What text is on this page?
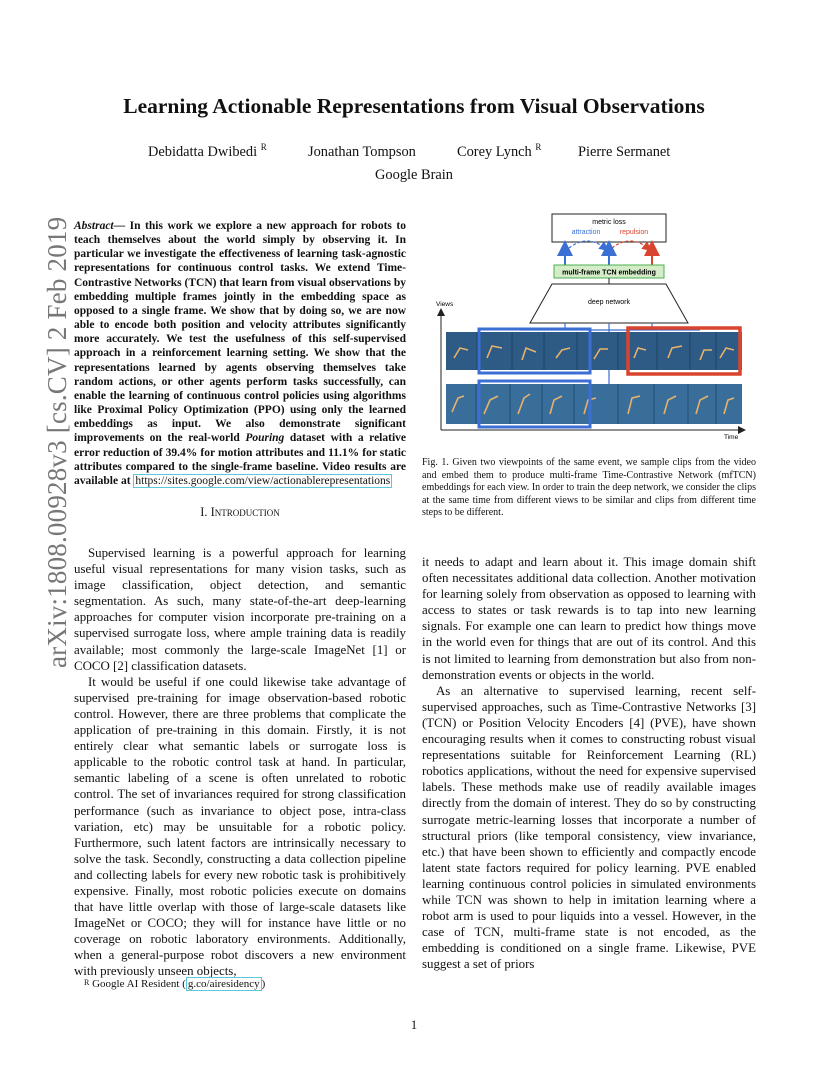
Learning Actionable Representations from Visual Observations
Debidatta Dwibedi $^R$	Jonathan Tompson	Corey Lynch $^R$	Pierre Sermanet
Google Brain
arXiv:1808.00928v3 [cs.CV] 2 Feb 2019 Abstract— In this work we explore a new approach for robots to teach themselves about the world simply by observing it. In particular we investigate the effectiveness of learning task-agnostic representations for continuous control tasks. We extend Time-Contrastive Networks (TCN) that learn from visual observations by embedding multiple frames jointly in the embedding space as opposed to a single frame. We show that by doing so, we are now able to encode both position and velocity attributes significantly more accurately. We test the usefulness of this self-supervised approach in a reinforcement learning setting. We show that the representations learned by agents observing themselves take random actions, or other agents perform tasks successfully, can enable the learning of continuous control policies using algorithms like Proximal Policy Optimization (PPO) using only the learned embeddings as input. We also demonstrate significant improvements on the real-world Pouring dataset with a relative error reduction of 39.4% for motion attributes and 11.1% for static attributes compared to the single-frame baseline. Video results are available at https://sites.google.com/view/actionablerepresentations
I. Introduction

Supervised learning is a powerful approach for learning useful visual representations for many vision tasks, such as image classification, object detection, and semantic segmentation. As such, many state-of-the-art deep-learning approaches for computer vision incorporate pre-training on a supervised surrogate loss, where ample training data is readily available; most commonly the large-scale ImageNet [1] or COCO [2] classification datasets.

It would be useful if one could likewise take advantage of supervised pre-training for image observation-based robotic control. However, there are three problems that complicate the application of pre-training in this domain. Firstly, it is not entirely clear what semantic labels or surrogate loss is applicable to the robotic control task at hand. In particular, semantic labeling of a scene is often unrelated to robotic control. The set of invariances required for strong classification performance (such as invariance to object pose, intra-class variation, etc) may be unsuitable for a robotic policy. Furthermore, such latent factors are intrinsically necessary to solve the task. Secondly, constructing a data collection pipeline and collecting labels for every new robotic task is prohibitively expensive. Finally, most robotic policies execute on domains that have little overlap with those of large-scale datasets like ImageNet or COCO; they will for instance have little or no coverage on robotic laboratory environments. Additionally, when a general-purpose robot discovers a new environment with previously unseen objects,

it needs to adapt and learn about it. This image domain shift often necessitates additional data collection. Another motivation for learning solely from observation as opposed to learning with access to states or task rewards is to tap into new learning signals. For example one can learn to predict how things move in the world even for things that are out of its control. And this is not limited to learning from demonstration but also from non-demonstration events or objects in the world.

As an alternative to supervised learning, recent self-supervised approaches, such as Time-Contrastive Networks [3] (TCN) or Position Velocity Encoders [4] (PVE), have shown encouraging results when it comes to constructing robust visual representations suitable for Reinforcement Learning (RL) robotics applications, without the need for expensive supervised labels. These methods make use of readily available images directly from the domain of interest. They do so by constructing surrogate metric-learning losses that incorporate a number of structural priors (like temporal consistency, view invariance, etc.) that have been shown to efficiently and compactly encode latent state factors required for policy learning. PVE enabled learning continuous control policies in simulated environments while TCN was shown to help in imitation learning where a robot arm is used to pour liquids into a vessel. However, in the case of TCN, multi-frame state is not encoded, as the embedding is conditioned on a single frame. Likewise, PVE suggest a set of priors

$^R$ Google AI Resident ( g.co/airesidency )
1
metric loss
attraction	repulsion
multi-frame TCN embedding
deep network
Views
Time
Fig. 1. Given two viewpoints of the same event, we sample clips from the video and embed them to produce multi-frame Time-Contrastive Network (mfTCN) embeddings for each view. In order to train the deep network, we consider the clips at the same time from different views to be similar and clips from different time steps to be different.
